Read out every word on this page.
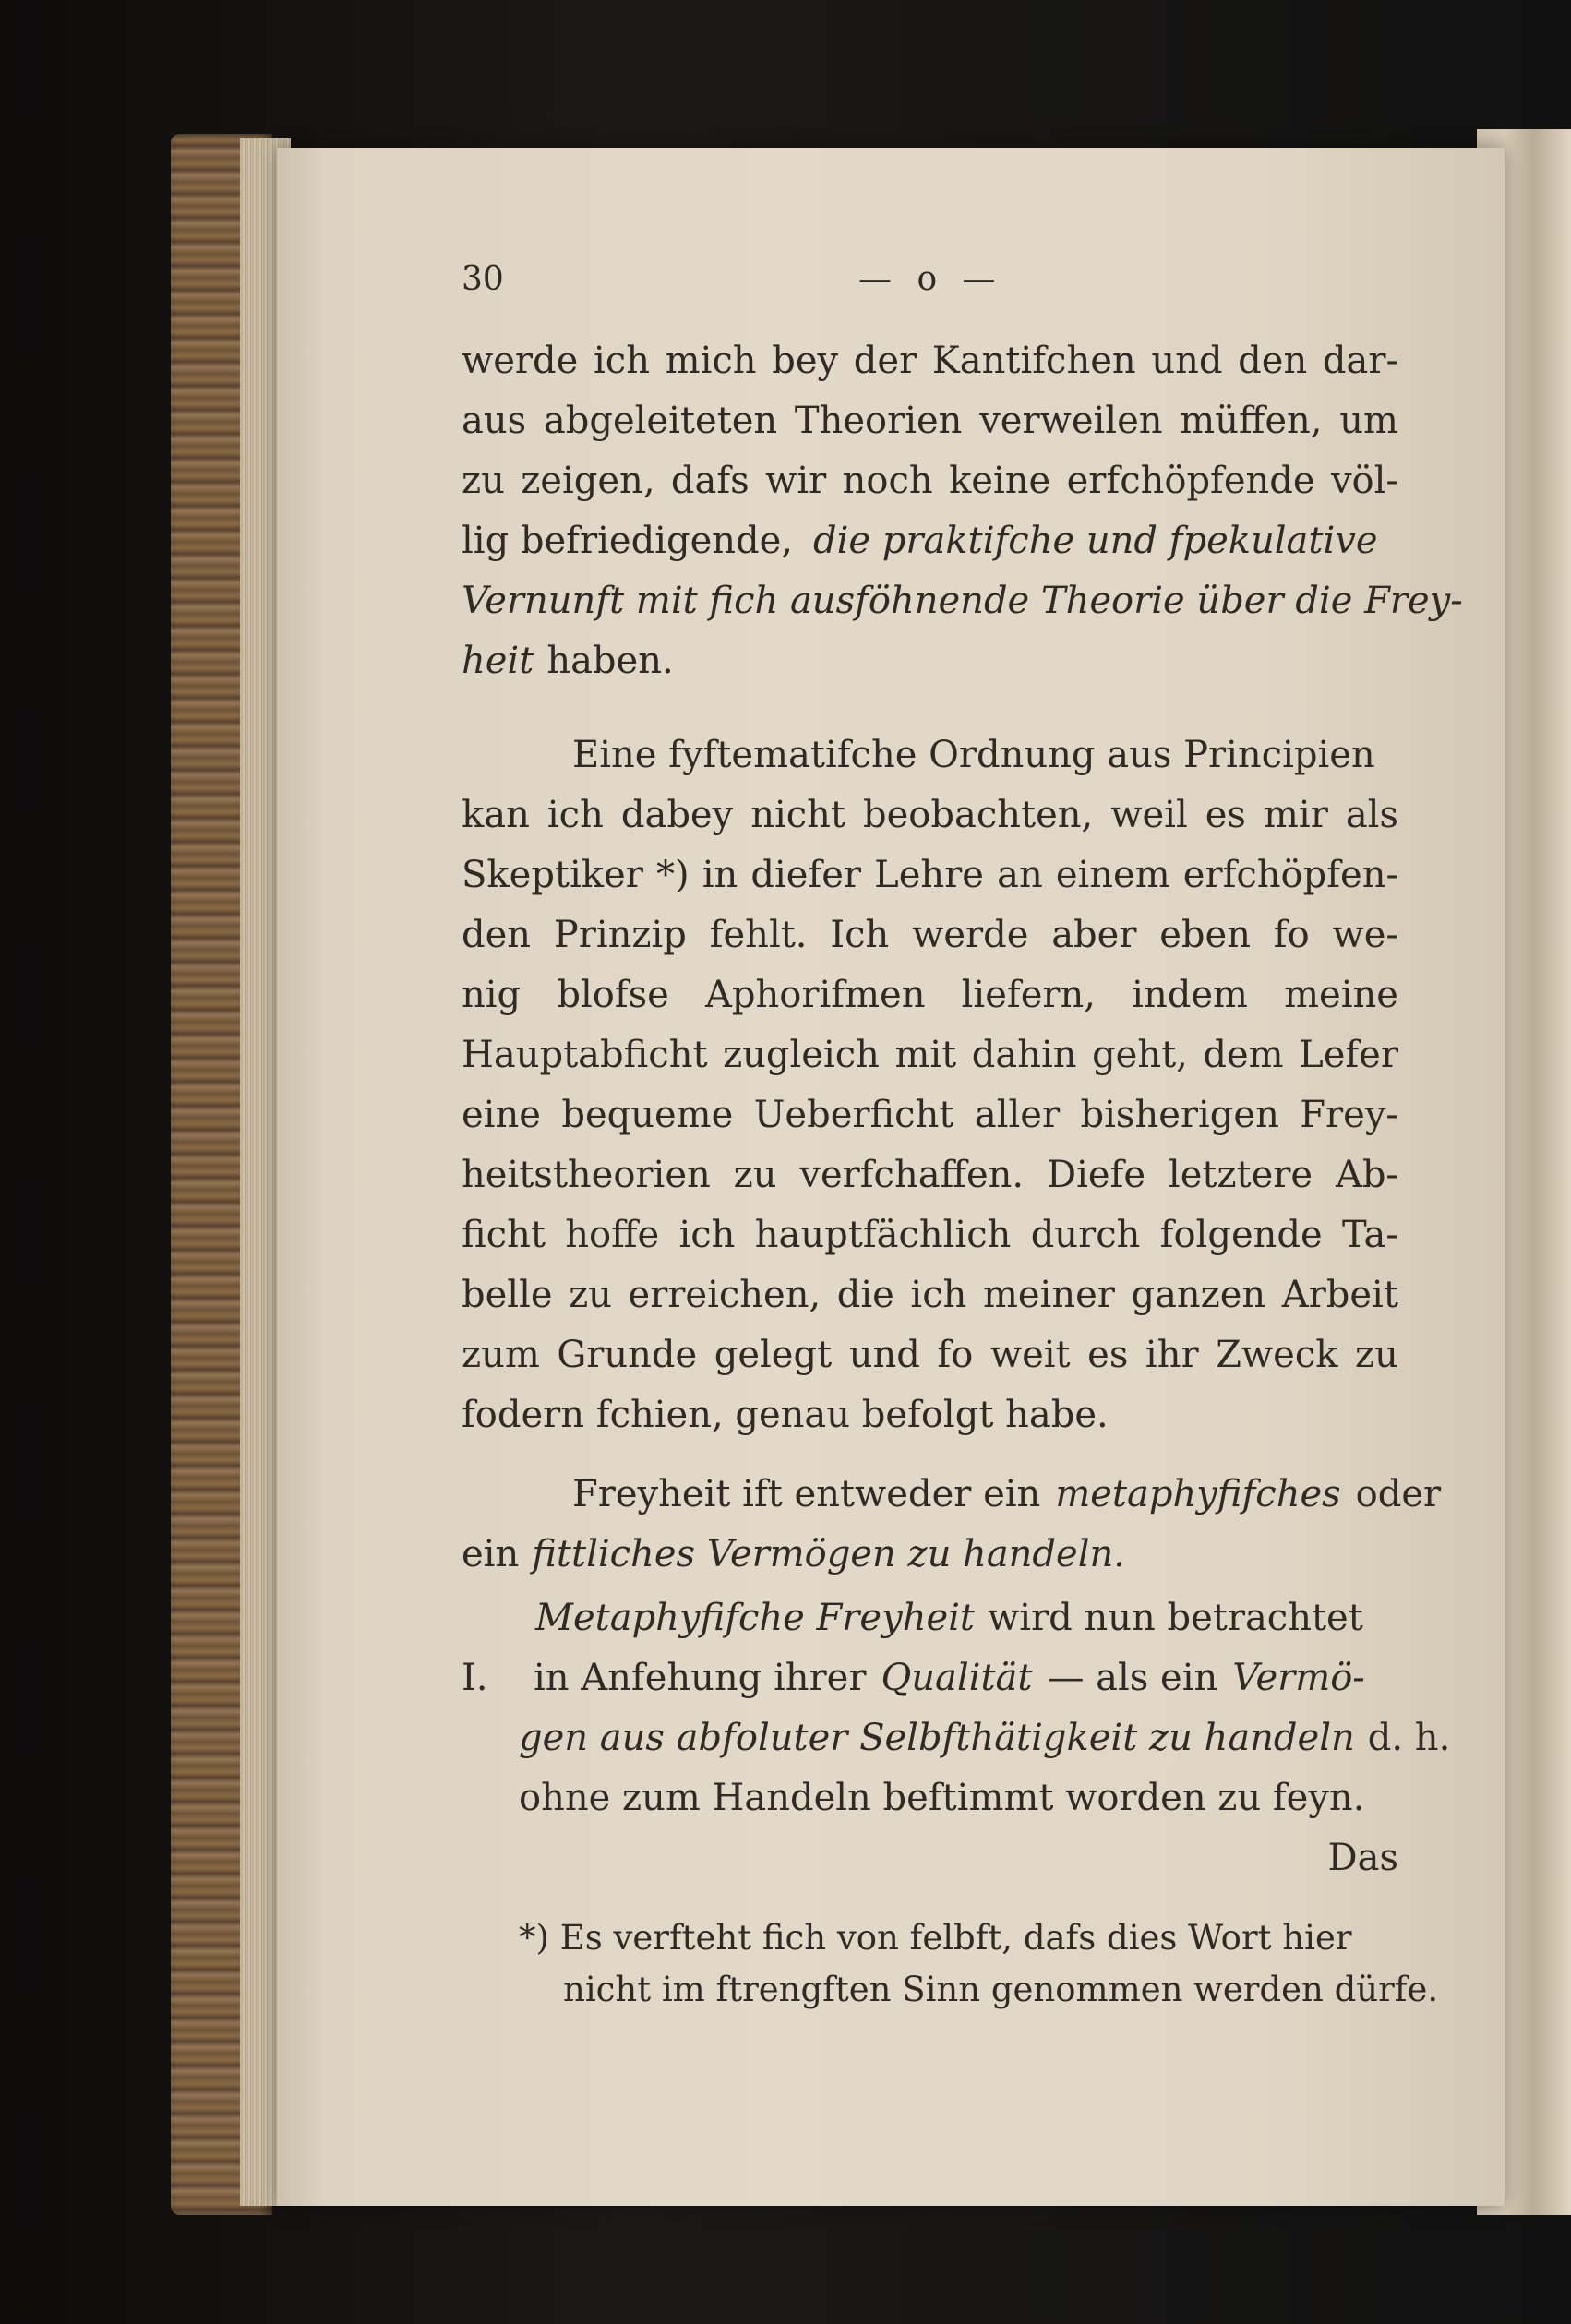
30	— o —
werde ich mich bey der Kantifchen und den dar-
aus abgeleiteten Theorien verweilen müffen, um
zu zeigen, dafs wir noch keine erfchöpfende völ-
lig befriedigende, die praktifche und fpekulative
Vernunft mit fich ausföhnende Theorie über die Frey-
heit haben.
Eine fyftematifche Ordnung aus Principien
kan ich dabey nicht beobachten, weil es mir als
Skeptiker *) in diefer Lehre an einem erfchöpfen-
den Prinzip fehlt. Ich werde aber eben fo we-
nig blofse Aphorifmen liefern, indem meine
Hauptabficht zugleich mit dahin geht, dem Lefer
eine bequeme Ueberficht aller bisherigen Frey-
heitstheorien zu verfchaffen. Diefe letztere Ab-
ficht hoffe ich hauptfächlich durch folgende Ta-
belle zu erreichen, die ich meiner ganzen Arbeit
zum Grunde gelegt und fo weit es ihr Zweck zu
fodern fchien, genau befolgt habe.
Freyheit ift entweder ein metaphyfifches oder
ein fittliches Vermögen zu handeln.
Metaphyfifche Freyheit wird nun betrachtet
I.	in Anfehung ihrer Qualität — als ein Vermö-
gen aus abfoluter Selbfthätigkeit zu handeln d. h.
ohne zum Handeln beftimmt worden zu feyn.
Das
*) Es verfteht fich von felbft, dafs dies Wort hier
nicht im ftrengften Sinn genommen werden dürfe.
